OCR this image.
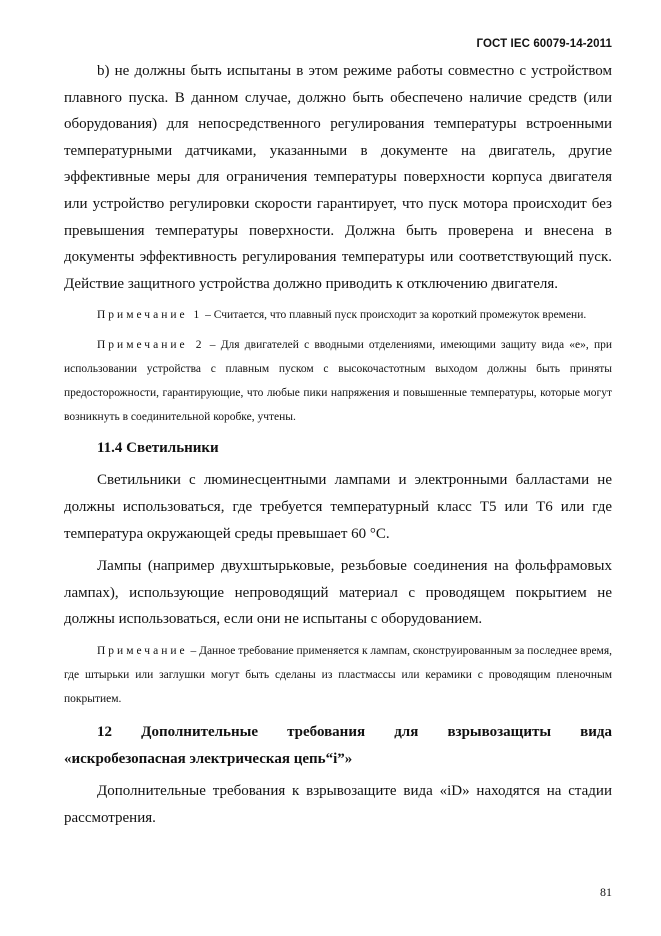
ГОСТ IEC 60079-14-2011

b) не должны быть испытаны в этом режиме работы совместно с устройством плавного пуска. В данном случае, должно быть обеспечено наличие средств (или оборудования) для непосредственного регулирования температуры встроенными температурными датчиками, указанными в документе на двигатель, другие эффективные меры для ограничения температуры поверхности корпуса двигателя или устройство регулировки скорости гарантирует, что пуск мотора происходит без превышения температуры поверхности. Должна быть проверена и внесена в документы эффективность регулирования температуры или соответствующий пуск. Действие защитного устройства должно приводить к отключению двигателя.

Примечание 1 – Считается, что плавный пуск происходит за короткий промежуток времени.

Примечание 2 – Для двигателей с вводными отделениями, имеющими защиту вида «е», при использовании устройства с плавным пуском с высокочастотным выходом должны быть приняты предосторожности, гарантирующие, что любые пики напряжения и повышенные температуры, которые могут возникнуть в соединительной коробке, учтены.

11.4 Светильники

Светильники с люминесцентными лампами и электронными балластами не должны использоваться, где требуется температурный класс Т5 или Т6 или где температура окружающей среды превышает 60 °С.

Лампы (например двухштырьковые, резьбовые соединения на фольфрамовых лампах), использующие непроводящий материал с проводящем покрытием не должны использоваться, если они не испытаны с оборудованием.

Примечание – Данное требование применяется к лампам, сконструированным за последнее время, где штырьки или заглушки могут быть сделаны из пластмассы или керамики с проводящим пленочным покрытием.

12 Дополнительные требования для взрывозащиты вида

«искробезопасная электрическая цепь“i”»

Дополнительные требования к взрывозащите вида «iD» находятся на стадии рассмотрения.

81
